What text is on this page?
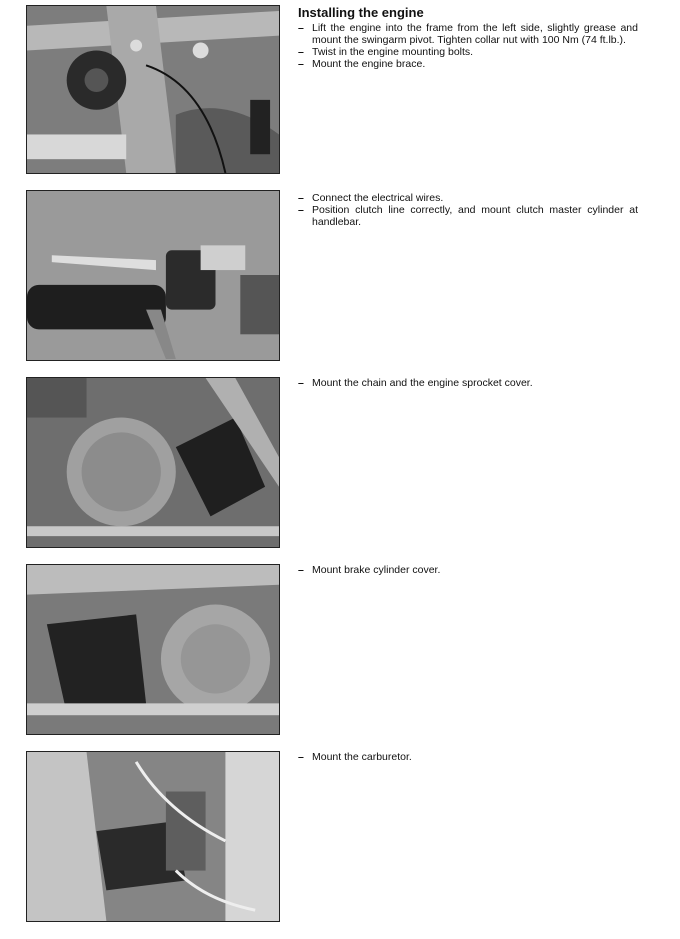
Installing the engine
– Lift the engine into the frame from the left side, slightly grease and mount the swingarm pivot. Tighten collar nut with 100 Nm (74 ft.lb.).
– Twist in the engine mounting bolts.
– Mount the engine brace.
– Connect the electrical wires.
– Position clutch line correctly, and mount clutch master cylinder at handlebar.
– Mount the chain and the engine sprocket cover.
– Mount brake cylinder cover.
– Mount the carburetor.
